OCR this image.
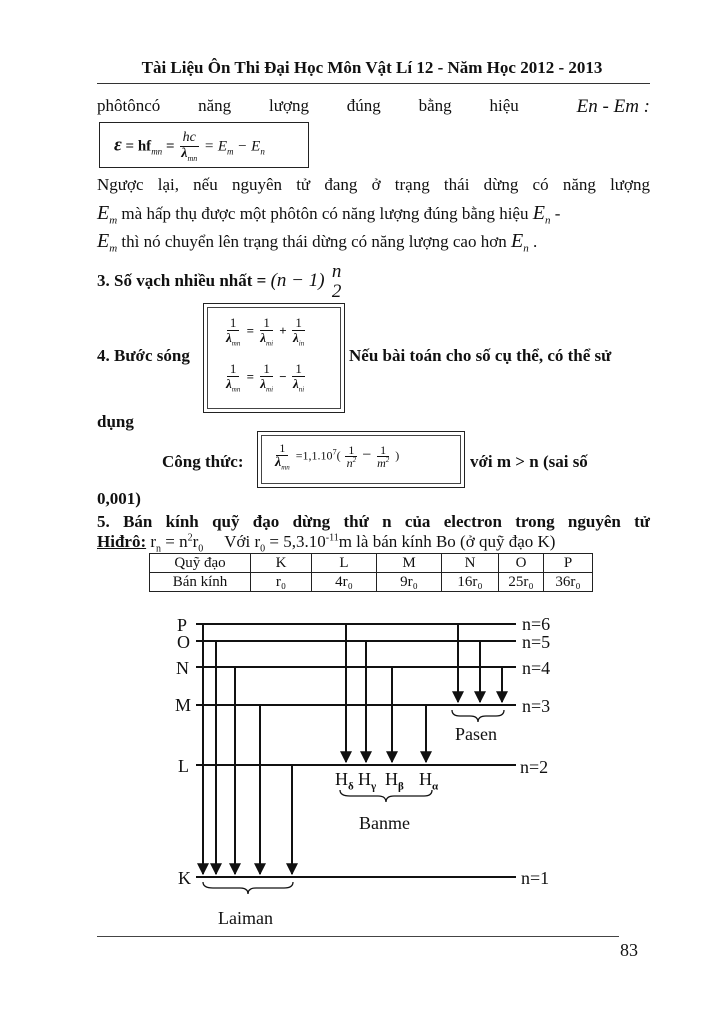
Tài Liệu Ôn Thi Đại Học Môn Vật Lí 12 - Năm Học 2012 - 2013
phôtôncó năng lượng đúng bằng hiệu	En - Em :
$\varepsilon = hf_{mn} = \frac{hc}{\lambda_{mn}} = E_m - E_n$
Ngược lại, nếu nguyên tử đang ở trạng thái dừng có năng lượng
$E_m$ mà hấp thụ được một phôtôn có năng lượng đúng bằng hiệu $E_n$ -
$E_m$ thì nó chuyển lên trạng thái dừng có năng lượng cao hơn $E_n$ .
3. Số vạch nhiều nhất = (n − 1) n
2
4. Bước sóng
$\frac{1}{\lambda_{mn}} = \frac{1}{\lambda_{mi}} + \frac{1}{\lambda_{in}}$
$\frac{1}{\lambda_{mn}} = \frac{1}{\lambda_{mi}} - \frac{1}{\lambda_{ni}}$
Nếu bài toán cho số cụ thể, có thể sử
dụng
Công thức: $\frac{1}{\lambda_{mn}} =1,1.10^7( \frac{1}{n^2} - \frac{1}{m^2}$ )	với m > n (sai số
0,001)
5. Bán kính quỹ đạo dừng thứ n của electron trong nguyên tử
Hiđrô: $r_n = n^2r_0$     Với $r_0 = 5,3.10^{-11}m$ là bán kính Bo (ở quỹ đạo K)
Quỹ đạo	K	L	M	N	O	P
Bán kính	r₀	4r₀	9r₀	16r₀	25r₀	36r₀
P
O
N
M
L
K
n=6
n=5
n=4
n=3
n=2
n=1
Pasen
Banme
Laiman
$H_\delta$ $H_\gamma$ $H_\beta$ $H_\alpha$
83
